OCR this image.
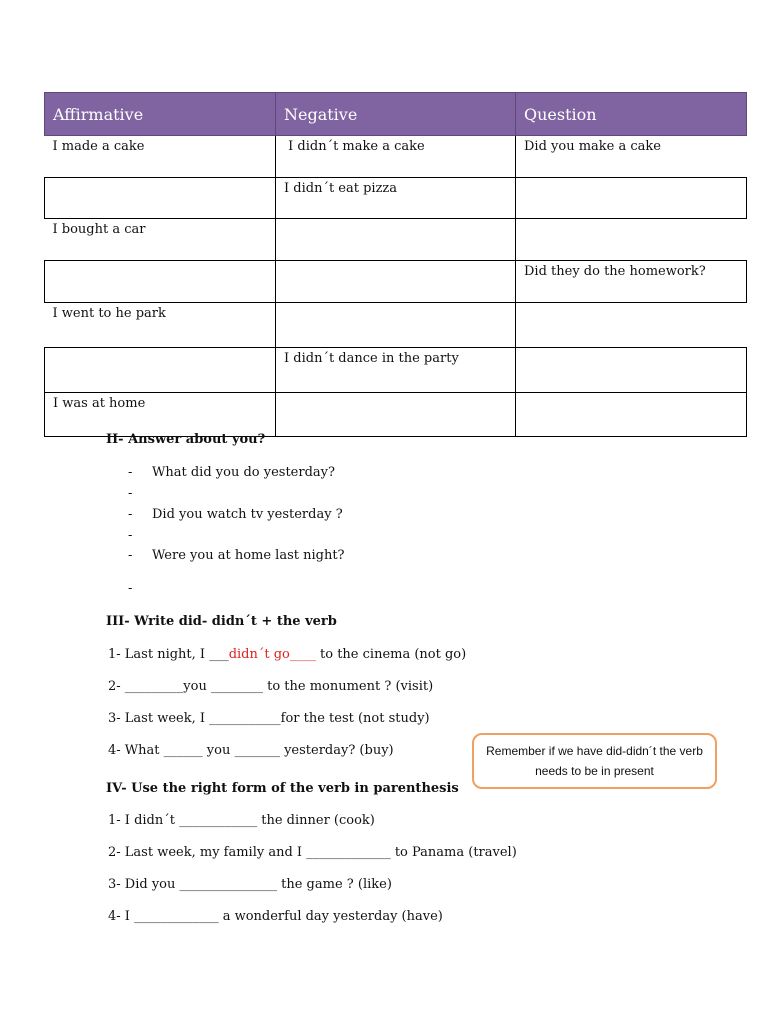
Affirmative	Negative	Question
I made a cake	I didn´t make a cake	Did you make a cake
	I didn´t eat pizza	
I bought a car		
		Did they do the homework?
I went to he park		
	I didn´t dance in the party	
I was at home		
II- Answer about you?
- What did you do yesterday?
-
- Did you watch tv yesterday ?
-
- Were you at home last night?
-
III- Write did- didn´t + the verb
1- Last night, I ___didn´t go____ to the cinema (not go)
2- _________you ________ to the monument ? (visit)
3- Last week, I ___________for the test (not study)
4- What ______ you _______ yesterday? (buy)	Remember if we have did-didn´t the verb needs to be in present
IV- Use the right form of the verb in parenthesis
1- I didn´t ____________ the dinner (cook)
2- Last week, my family and I _____________ to Panama (travel)
3- Did you _______________ the game ? (like)
4- I _____________ a wonderful day yesterday (have)
